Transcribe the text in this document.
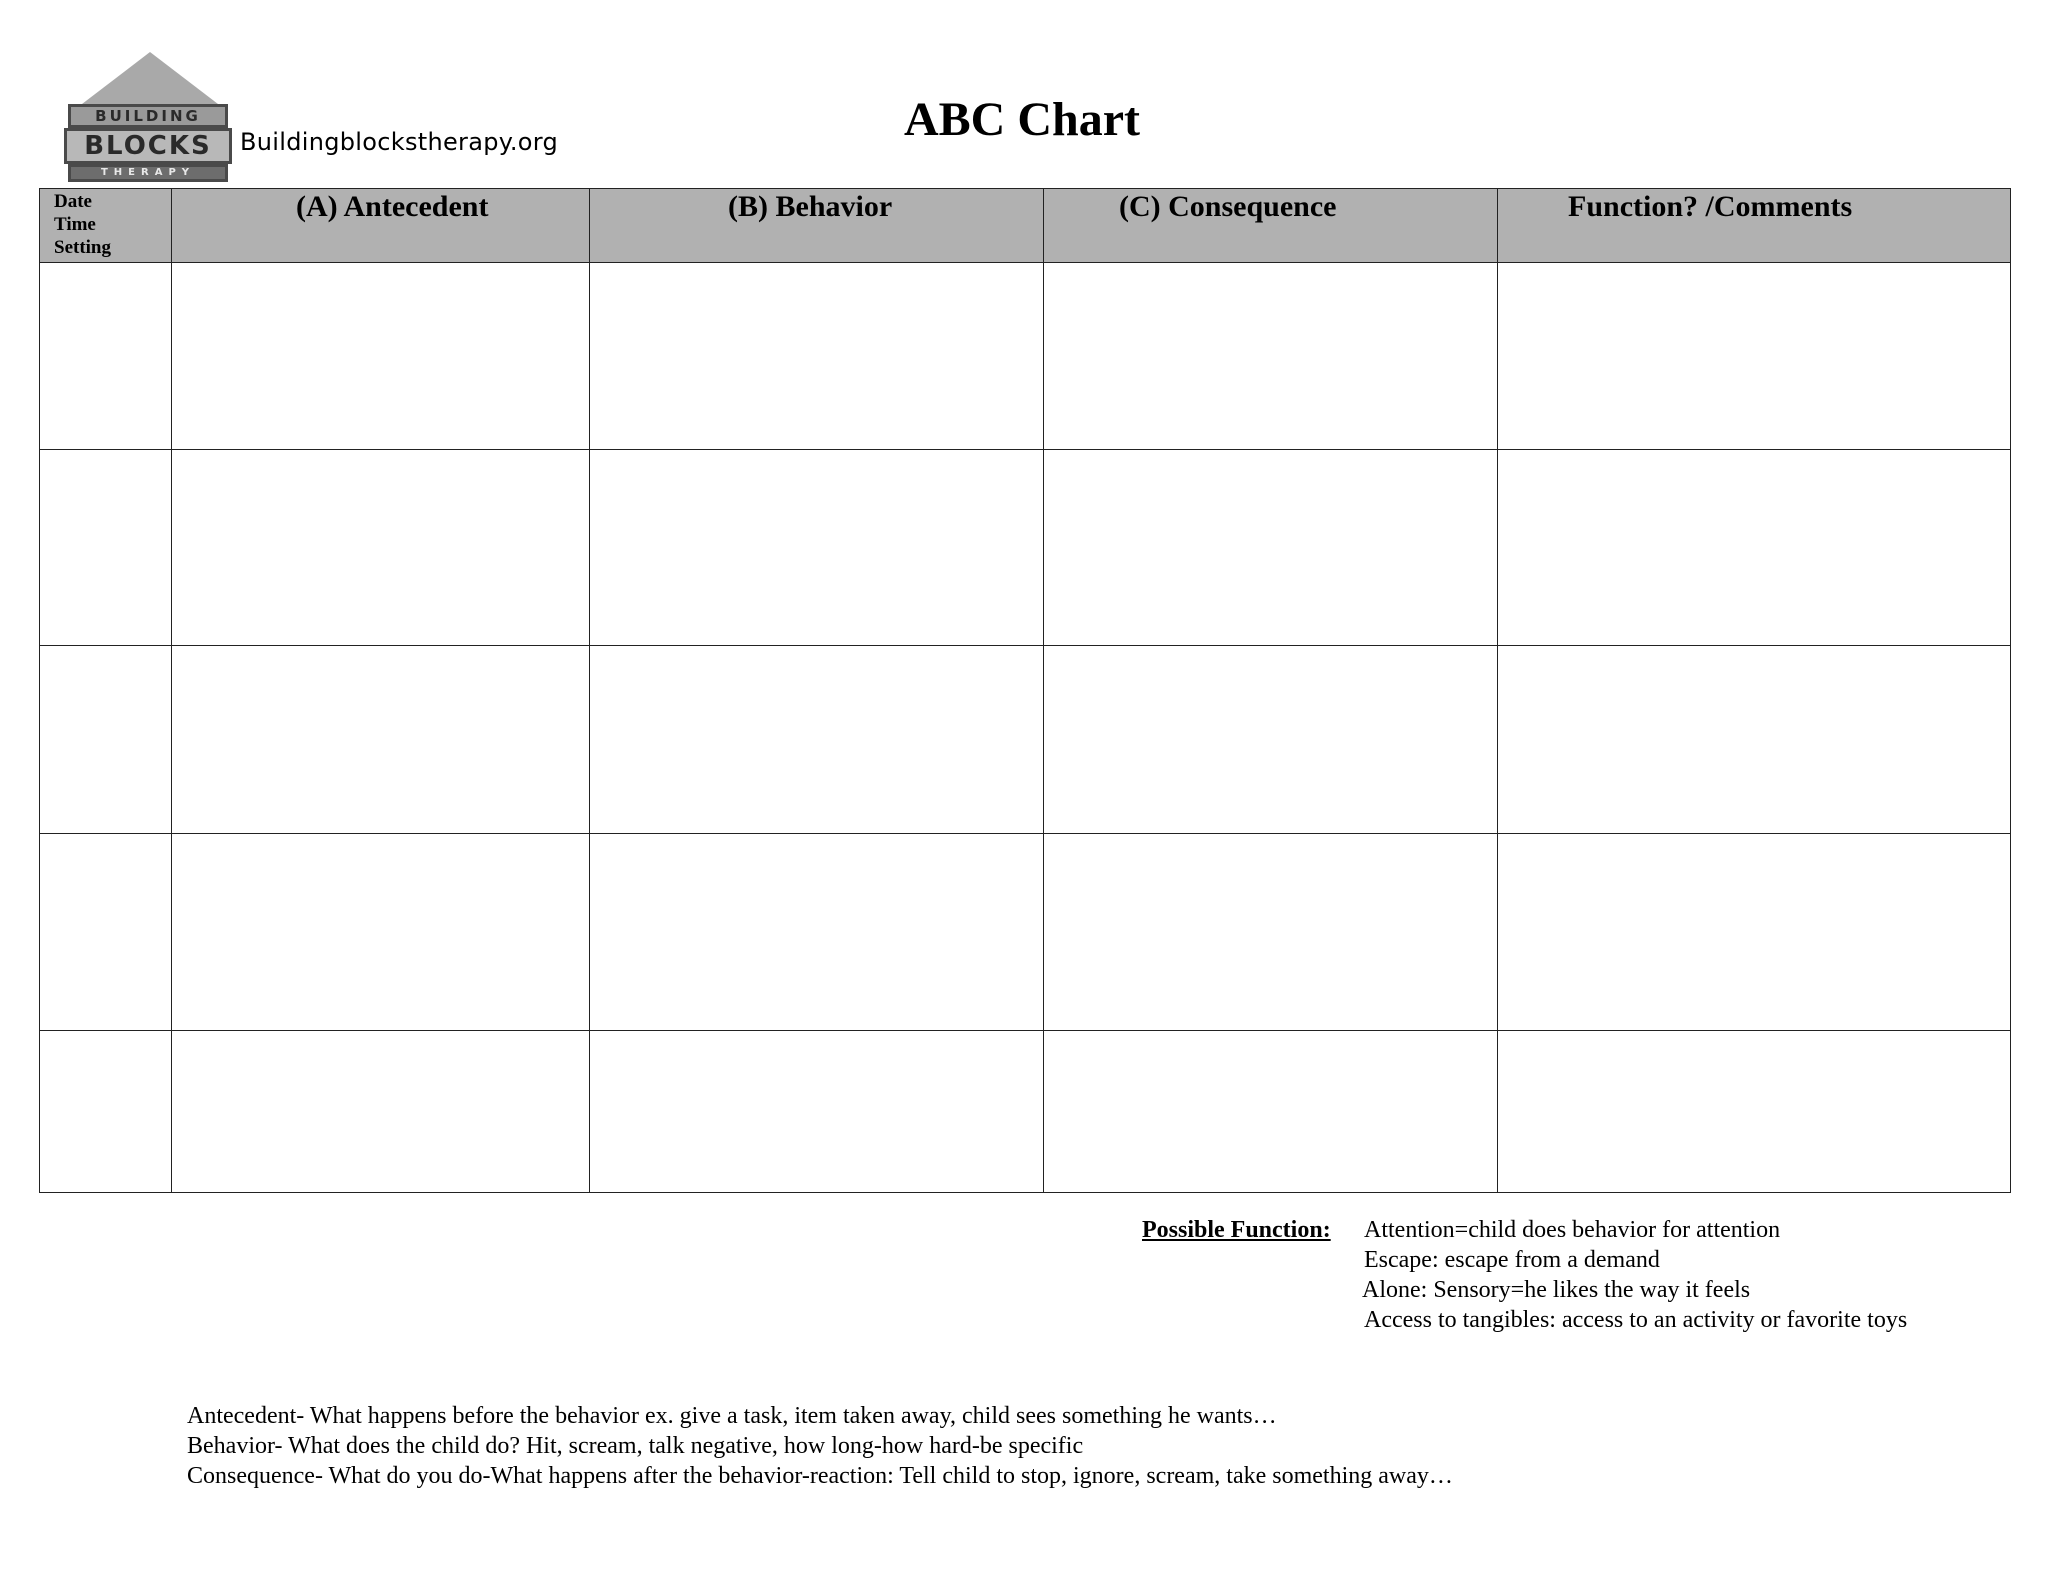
BUILDING
BLOCKS
THERAPY
Buildingblockstherapy.org	ABC Chart
Date
Time
Setting	(A) Antecedent	(B) Behavior	(C) Consequence	Function? /Comments

Possible Function: Attention=child does behavior for attention
Escape: escape from a demand
Alone: Sensory=he likes the way it feels
Access to tangibles: access to an activity or favorite toys
Antecedent- What happens before the behavior ex. give a task, item taken away, child sees something he wants…
Behavior- What does the child do? Hit, scream, talk negative, how long-how hard-be specific
Consequence- What do you do-What happens after the behavior-reaction: Tell child to stop, ignore, scream, take something away…
